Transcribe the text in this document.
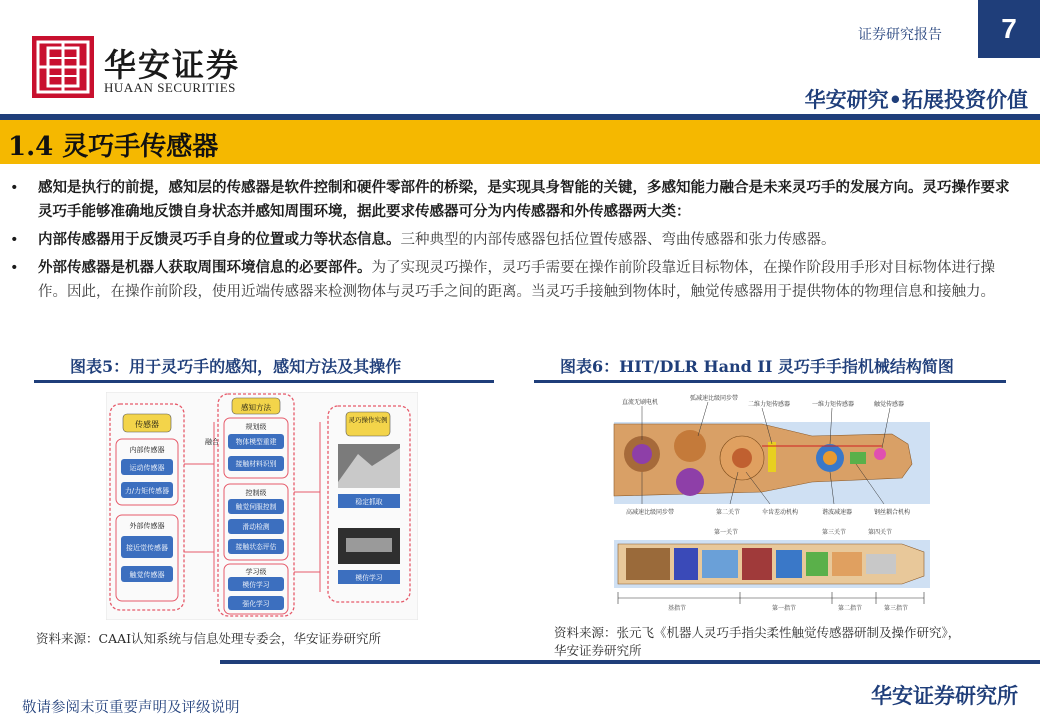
华安证券
HUAAN SECURITIES
证券研究报告	7
华安研究•拓展投资价值
1.4 灵巧手传感器
• 感知是执行的前提，感知层的传感器是软件控制和硬件零部件的桥梁，是实现具身智能的关键，多感知能力融合是未来灵巧手的发展方向。灵巧操作要求灵巧手能够准确地反馈自身状态并感知周围环境，据此要求传感器可分为内传感器和外传感器两大类：
• 内部传感器用于反馈灵巧手自身的位置或力等状态信息。三种典型的内部传感器包括位置传感器、弯曲传感器和张力传感器。
• 外部传感器是机器人获取周围环境信息的必要部件。为了实现灵巧操作，灵巧手需要在操作前阶段靠近目标物体，在操作阶段用手形对目标物体进行操作。因此，在操作前阶段，使用近端传感器来检测物体与灵巧手之间的距离。当灵巧手接触到物体时，触觉传感器用于提供物体的物理信息和接触力。
图表5：用于灵巧手的感知，感知方法及其操作	图表6：HIT/DLR Hand II 灵巧手手指机械结构简图
传感器
内部传感器
运动传感器
力/力矩传感器
外部传感器
接近觉传感器
触觉传感器
融合
感知方法
规划级
物体模型重建
接触材料识别
控制级
触觉伺服控制
滑动检测
接触状态评估
学习级
模仿学习
强化学习
灵巧操作实例
稳定抓取
模仿学习
资料来源：CAAI认知系统与信息处理专委会，华安证券研究所
直流无刷电机
弧减速比级同步带
二维力矩传感器	一维力矩传感器	触觉传感器
高减速比级同步带	第二关节	伞齿差动机构	谐波减速器	钢丝耦合机构
第一关节	第三关节	第四关节
基指节	第一指节	第二指节	第三指节
资料来源：张元飞《机器人灵巧手指尖柔性触觉传感器研制及操作研究》，
华安证券研究所
敬请参阅末页重要声明及评级说明	华安证券研究所
